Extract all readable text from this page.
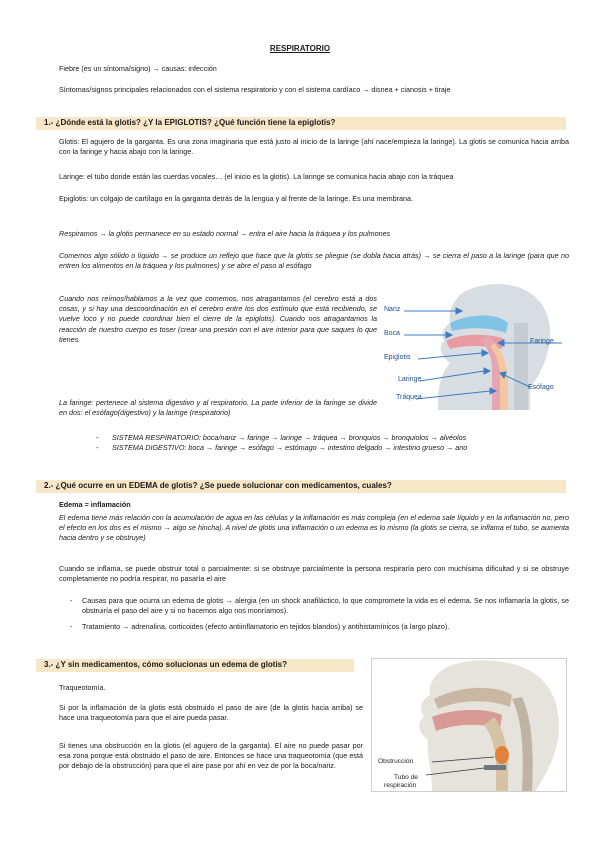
RESPIRATORIO

Fiebre (es un síntoma/signo) → causas: infección

Síntomas/signos principales relacionados con el sistema respiratorio y con el sistema cardíaco → disnea + cianosis + tiraje

1.- ¿Dónde está la glotis? ¿Y la EPIGLOTIS? ¿Qué función tiene la epiglotis?

Glotis: El agujero de la garganta. Es una zona imaginaria que está justo al inicio de la laringe (ahí nace/empieza la laringe). La glotis se comunica hacia arriba con la faringe y hacia abajo con la laringe.

Laringe: el tubo donde están las cuerdas vocales… (el inicio es la glotis). La laringe se comunica hacia abajo con la tráquea

Epiglotis: un colgajo de cartílago en la garganta detrás de la lengua y al frente de la laringe. Es una membrana.

Respiramos → la glotis permanece en su estado normal → entra el aire hacia la tráquea y los pulmones

Comemos algo sólido o líquido → se produce un reflejo que hace que la glotis se pliegue (se dobla hacia atrás) → se cierra el paso a la laringe (para que no entren los alimentos en la tráquea y los pulmones) y se abre el paso al esófago

Cuando nos reímos/hablamos a la vez que comemos, nos atragantamos (el cerebro está a dos cosas, y si hay una descoordinación en el cerebro entre los dos estímulo que está recibiendo, se vuelve loco y no puede coordinar bien el cierre de la epiglotis). Cuando nos atragantamos la reacción de nuestro cuerpo es toser (crear una presión con el aire interior para que saques lo que tienes.

La faringe: pertenece al sistema digestivo y al respiratorio. La parte inferior de la faringe se divide en dos: el esófago(digestivo) y la laringe (respiratorio)

- SISTEMA RESPIRATORIO: boca/nariz → faringe → laringe → tráquea → bronquios → bronquiolos → alvéolos
- SISTEMA DIGESTIVO: boca → faringe → esófago → estómago → intestino delgado → intestino grueso → ano
Nariz
Boca
Epiglotis
Laringe
Tráquea
Faringe
Esófago
2.- ¿Qué ocurre en un EDEMA de glotis? ¿Se puede solucionar con medicamentos, cuales?

Edema = inflamación

El edema tiene más relación con la acumulación de agua en las células y la inflamación es más compleja (en el edema sale líquido y en la inflamación no, pero el efecto en los dos es el mismo → algo se hincha). A nivel de glotis una inflamación o un edema es lo mismo (la glotis se cierra, se inflama el tubo, se aumenta hacia dentro y se obstruye)

Cuando se inflama, se puede obstruir total o parcialmente: si se obstruye parcialmente la persona respiraría pero con muchísima dificultad y si se obstruye completamente no podría respirar, no pasaría el aire

- Causas para que ocurra un edema de glotis → alergia (en un shock anafiláctico, lo que compromete la vida es el edema. Se nos inflamaría la glotis, se obstruiría el paso del aire y si no hacemos algo nos moriríamos).
- Tratamiento → adrenalina, corticoides (efecto antiinflamatorio en tejidos blandos) y antihistamínicos (a largo plazo).
3.- ¿Y sin medicamentos, cómo solucionas un edema de glotis?

Traqueotomía.

Si por la inflamación de la glotis está obstruido el paso de aire (de la glotis hacia arriba) se hace una traqueotomía para que el aire pueda pasar.

Si tienes una obstrucción en la glotis (el agujero de la garganta). El aire no puede pasar por esa zona porque está obstruido el paso de aire. Entonces se hace una traqueotomía (que está por debajo de la obstrucción) para que el aire pase por ahí en vez de por la boca/nariz.	Obstrucción
Tubo de
respiración
